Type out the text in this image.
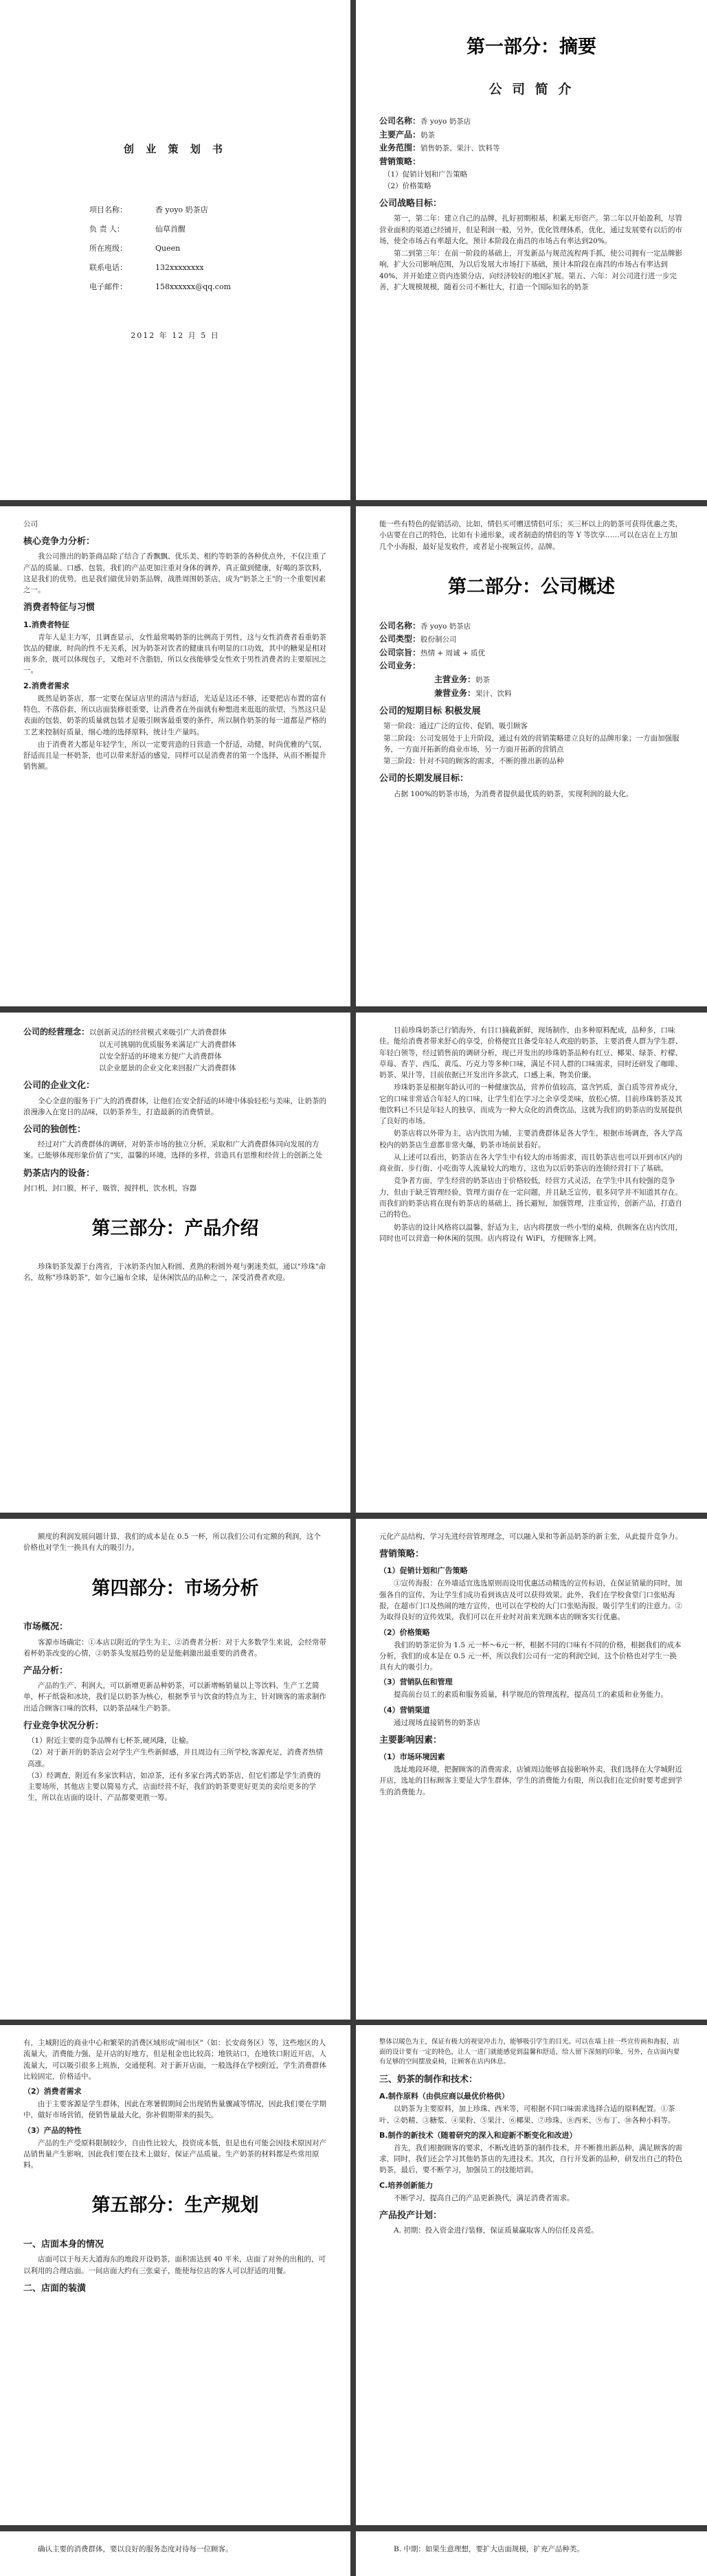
创 业 策 划 书
项目名称：	香 yoyo 奶茶店
负 责 人：	仙草首醒
所在班级：	Queen
联系电话：	132xxxxxxxx
电子邮件：	158xxxxxx@qq.com
2012 年 12 月 5 日
第一部分：摘要
公 司 简 介
公司名称：香 yoyo 奶茶店
主要产品：奶茶
业务范围：销售奶茶、果汁、饮料等
营销策略：
（1）促销计划和广告策略
（2）价格策略
公司战略目标：

第一，第二年：建立自己的品牌，扎好初期根基，积累无形资产。第二年以开始盈利，尽管营业面积的渠道已经铺开，但是利润一般，另外，优化管理体系，优化，通过发展要有以后的市场，使全市场占有率超大化，预计本阶段在南昌的市场占有率达到20%。

第二到第三年：在前一阶段的基础上，开发新品与规范流程两手抓，使公司拥有一定品牌影响，扩大公司影响范围，为以后发展大市场打下基础，预计本阶段在南昌的市场占有率达到40%，并开始建立资内连锁分店，向经济较好的地区扩展。第五、六年：对公司进行进一步完善，扩大规模规模，随着公司不断壮大，打造一个国际知名的奶茶

公司

核心竞争力分析：

我公司推出的奶茶商品除了结合了香飘飘、优乐美、相约等奶茶的各种优点外，不仅注重了产品的质量、口感、包装，我们的产品更加注重对身体的调养，真正做到健康，好喝的茶饮料，这是我们的优势，也是我们做优异奶茶品牌，战胜周围奶茶店，成为"奶茶之王"的一个重要因素之一。

消费者特征与习惯
1.消费者特征

青年人是主力军，且调查显示，女性最常喝奶茶的比例高于男性，这与女性消费者看重奶茶饮品的健康，时尚的性不无关系，因为奶茶对饮者的健康具有明显的口功效，其中的糖果是相对雨多余，既可以体现包子，又绝对不含脂肪，所以女孩能够受女性欢于男性消费者的主要原因之一。

2.消费者需求

既然是奶茶店，那一定要在保证店里的清洁与舒适，光适是这还不够，还要把店布置的富有特色，不落俗套，所以店面装修很重要，让消费者在外面就有种想进来逛逛的欲望，当然这只是表面的包装，奶茶的质量就包装才是吸引顾客最重要的条件，所以制作奶茶的每一道都是严格的工艺来控制好质量，细心地的选择原料，统计生产量吗。

由于消费者大都是年轻学生，所以一定要营造的日营造一个舒适，动健，时尚优雅的气氛，舒适而且是一杯奶茶，也可以带来舒适的感觉，同样可以是消费者的第一个选择，从而不断提升销售额。

能一些有特色的促销活动，比如，情侣买可赠送情侣可乐；买三杯以上的奶茶可获得优惠之类，小店要在自己的特色，比如有卡通形象，或者制造的情侣的等 Y 等饮享……可以在店在上方加几个小海报，最好是发收件，或者是小视频宣传，品牌。

第二部分：公司概述
公司名称：香 yoyo 奶茶店
公司类型：股份制公司
公司宗旨：热情 + 周诚 + 质优
公司业务：
主营业务：奶茶
兼营业务：果汁、饮料
公司的短期目标 积极发展
第一阶段：通过广泛的宣传、促销，吸引顾客
第二阶段：公司发展处于上升阶段，通过有效的营销策略建立良好的品牌形象；一方面加强服务，一方面开拓新的商业市场，另一方面开拓新的营销点
第三阶段：针对不同的顾客的需求，不断的推出新的品种
公司的长期发展目标：

占据 100%的奶茶市场，为消费者提供最优质的奶茶，实现利润的最大化。

公司的经营理念：以创新灵活的经营模式来吸引广大消费群体
以无可挑剔的优质服务来满足广大消费群体
以安全舒适的环境来方便广大消费群体
以企业愿景的企业文化来回报广大消费群体
公司的企业文化：

全心全意的服务于广大的消费群体，让他们在安全舒适的环境中体验轻松与美味，让奶茶的浪漫渗入在宽日的品味，以奶茶养生，打造最新的消费情景。

公司的独创性：

经过对广大消费群体的调研，对奶茶市场的独立分析，采取和广大消费群体同向发展的方案。已能够体现形象价值了"实，温馨的环境，选择的多样，营造具有思维和经营上的创新之处

奶茶店内的设备：

封口机，封口膜，杯子，吸管，搅拌机，饮水机，容器

第三部分：产品介绍

珍珠奶茶发源于台湾省，于冰奶茶内加入粉圆、煮熟的粉圆外观与粥迷类似，通以"珍珠"命名，故称"珍珠奶茶"，如今已遍布全球，是休闲饮品的品种之一，深受消费者欢迎。

目前珍珠奶茶已行销海外，有目口摘截新鲜，现场制作，由多种原料配成，品种多，口味佳。能给消费者带来舒心的享受，价格便宜且备受年轻人欢迎的奶茶，主要消费人群为学生群、年轻白领等，经过销售前的调研分析，现已开发出的珍珠奶茶品种有红豆、椰果、绿茶、柠檬、草莓、香芋、西瓜、黄瓜、巧克力等多种口味，满足不同人群的口味需求，同时还研发了咖啡、奶茶、果汁等，目前依据已开发出许多款式，口感上乘，物美价廉。

珍珠奶茶是根据年龄认可的一种健康饮品，营养价值较高，富含钙质，蛋白质等营养成分，它的口味非常适合年轻人的口味，让学生们在学习之余享受美味，放松心情。目前珍珠奶茶及其他饮料已不只是年轻人的独享，而成为一种大众化的消费饮品，这就为我们的奶茶店的发展提供了良好的市场。

奶茶店将以外带为主，店内饮用为辅，主要消费群体是各大学生，根据市场调查，各大学高校内的奶茶店生意都非常火爆，奶茶市场前景看好。

从上述可以看出，奶茶店在各大学生中有较大的市场需求，而且奶茶店也可以开到市区内的商业街、步行街、小吃街等人流量较大的地方，这也为以后奶茶店的连锁经营打下了基础。

竞争者方面，学生经营的奶茶店由于价格较低，经营方式灵活，在学生中具有较强的竞争力，但由于缺乏管理经验，管理方面存在一定问题，并且缺乏宣传，很多同学并不知道其存在。而我们的奶茶店将在现有奶茶店的基础上，扬长避短，加强管理，注重宣传，创新产品，打造自己的特色。

奶茶店的设计风格将以温馨、舒适为主，店内将摆放一些小型的桌椅，供顾客在店内饮用，同时也可以营造一种休闲的氛围。店内将设有 WiFi，方便顾客上网。

额度的利润发展问题计算，我们的成本是在 0.5 一杯，所以我们公司有定额的利润，这个价格也对学生一换具有大的吸引力。

第四部分：市场分析
市场概况：

客源市场确定：①本店以附近的学生为主、②消费者分析：对于大多数学生来说，会经常带着杯奶茶改变的心情，②奶茶头发展趋势的是是能刺激出最重要的消费者。

产品分析：

产品的生产、利润大，可以新增更新品种奶茶，可以新增畅销量以上等饮料，生产工艺简单，杯子纸袋和冰块，我们是以奶茶为核心，根据季节与饮食的特点为主，针对顾客的需求制作出适合顾客口味的饮料，以奶茶品味生产奶茶。

行业竞争状况分析：
（1）附近主要的竞争品牌有七杯茶,硬风隆，让榆。
（2）对于新开的奶茶店会对学生产生些新鲜感，并且周边有三所学校,客源充足，消费者热情高涨。
（3）经调查，附近有多家饮料店，如凉茶，还有多家台湾式奶茶店，但它们都是学生消费的主要场所，其他店主要以简易方式，店面经营不好，我们的奶茶要更好更美的卖给更多的学生，所以在店面的设计、产品都要更胜一筹。

元化产品结构，学习先进经营管理理念，可以融入果和等新品奶茶的新主张，从此提升竞争力。

营销策略：
（1）促销计划和广告策略

①宣传海报：在外墙适宜选选原则而设用优惠活动精选的宣传标语，在保证销量的同时，加强各自的宣传，为让学生们成功看到该店及可以获得效果。此外，我们在学校食堂门口张贴海报，在超市门口及热闹的地方宣传，也可以在学校的大门口张贴海报，吸引学生们的注意力。②为取得良好的宣传效果，我们可以在开业时对前来光顾本店的顾客实行优惠。

（2）价格策略

我们的奶茶定价为 1.5 元一杯～6元一杯，根据不同的口味有不同的价格，根据我们的成本分析，我们的成本是在 0.5 元一杯，所以我们公司有一定的利润空间，这个价格也对学生一换具有大的吸引力。

（3）营销队伍和管理

提高前台员工的素质和服务质量，科学规范的管理流程，提高员工的素质和业务能力。

（4）营销渠道

通过现场直接销售的奶茶店

主要影响因素：
（1）市场环境因素

选址地段环境，把握顾客的消费需求，店铺周边能够直接影响外卖，我们选择在大学城附近开店，选址的目标顾客主要是大学生群体，学生的消费能力有限，所以我们在定价时要考虑到学生的消费能力。

有，主城附近的商业中心和繁荣的消费区域形成"闹市区"（如：长安商务区）等，这些地区的人流量大，消费能力强，是开店的好地方，但是租金也比较高；地铁站口，在地铁口附近开店，人流量大，可以吸引很多上班族，交通便利。对于新开店面，一般选择在学校附近，学生消费群体比较固定，价格适中。

（2）消费者需求

由于主要客源是学生群体，因此在寒暑假期间会出现销售量骤减等情况，因此我们要在学期中，做好市场营销，使销售量最大化，弥补假期带来的损失。

（3）产品的特性

产品的生产受原料限制较少，自由性比较大，投资成本低，但是也有可能会因技术原因对产品销售量产生影响，因此我们要在技术上做好，保证产品质量。生产奶茶的材料都是些常用原料。

第五部分：生产规划
一、店面本身的情况

店面可以于每天大道海东的地段开设奶茶，面积需达到 40 平米，店面了对外的出租的，可以利用的合理店面。一间店面大约有三张桌子，能使每位店的客人可以舒适的用餐。

二、店面的装潢

整体以暖色为主，保证有极大的视觉冲击力，能够吸引学生的目光。可以在墙上挂一些宣传画和海报，店面的设计要有一定的特色，让人一进门就能感觉到温馨和舒适，给人留下深刻的印象，另外，在店面内要有足够的空间摆放桌椅，让顾客在店内休息。

三、奶茶的制作和技术：
A.制作原料（由供应商以最优价格供）

以奶茶为主要原料，加上珍珠、西米等，可根据不同口味需求选择合适的原料配置。①茶叶、②奶精、③糖浆、④果粉、⑤果汁、⑥椰果、⑦珍珠、⑧西米、⑨布丁、⑩各种小料等。

B.制作的新技术（随着研究的深入和迎新不断变化和改进）

首先，我们根据顾客的要求，不断改进奶茶的制作技术，并不断推出新品种，满足顾客的需求，同时，我们还会学习其他奶茶店的先进技术。其次，自行开发新的品种，研发出自己的特色奶茶，最后，要不断学习，加强员工的技能培训。

C.培养创新能力

不断学习，提高自己的产品更新换代，满足消费者需求。

产品投产计划：

A. 初期：投入资金进行装修，保证质量赢取客人的信任及喜爱。

确认主要的消费群体，要以良好的服务态度对待每一位顾客。	B. 中期：如果生意理想，要扩大店面规模，扩充产品种类。
